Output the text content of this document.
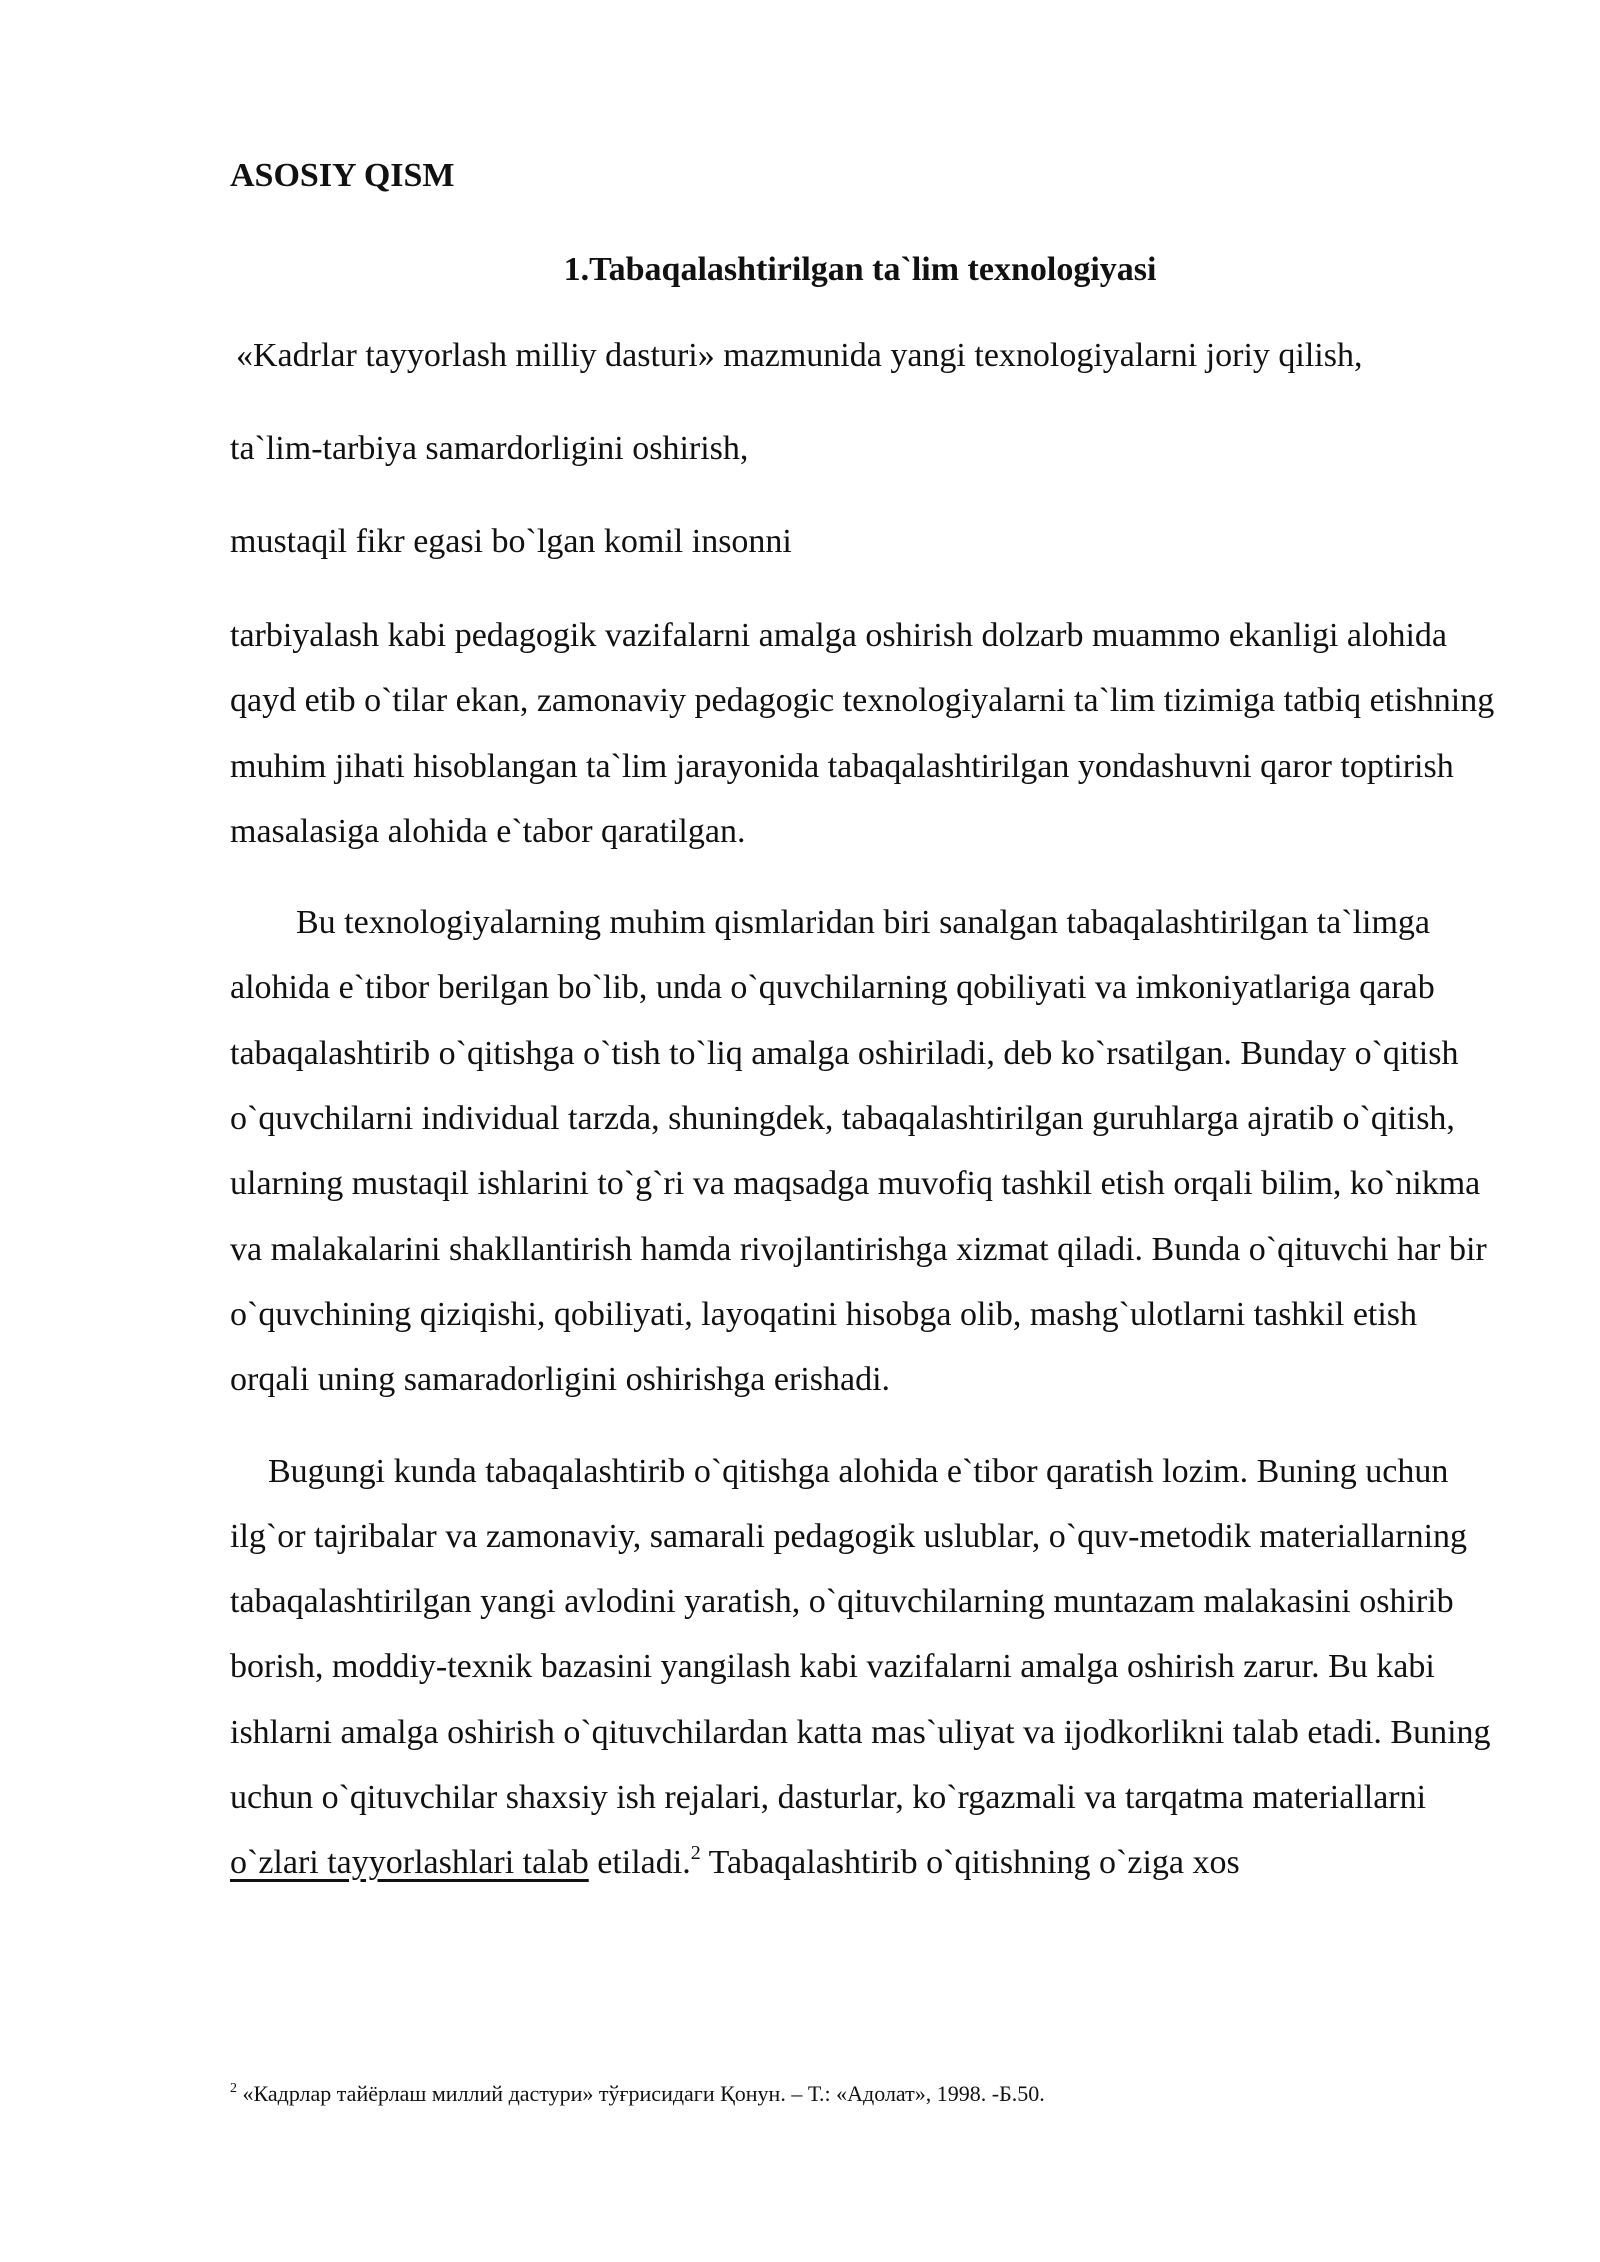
ASOSIY QISM
1.Tabaqalashtirilgan ta`lim texnologiyasi
«Kadrlar tayyorlash milliy dasturi» mazmunida yangi texnologiyalarni joriy qilish,
ta`lim-tarbiya samardorligini oshirish,
mustaqil fikr egasi bo`lgan komil insonni

tarbiyalash kabi pedagogik vazifalarni amalga oshirish dolzarb muammo ekanligi alohida qayd etib o`tilar ekan, zamonaviy pedagogic texnologiyalarni ta`lim tizimiga tatbiq etishning muhim jihati hisoblangan ta`lim jarayonida tabaqalashtirilgan yondashuvni qaror toptirish masalasiga alohida e`tabor qaratilgan.

Bu texnologiyalarning muhim qismlaridan biri sanalgan tabaqalashtirilgan ta`limga alohida e`tibor berilgan bo`lib, unda o`quvchilarning qobiliyati va imkoniyatlariga qarab tabaqalashtirib o`qitishga o`tish to`liq amalga oshiriladi, deb ko`rsatilgan. Bunday o`qitish o`quvchilarni individual tarzda, shuningdek, tabaqalashtirilgan guruhlarga ajratib o`qitish, ularning mustaqil ishlarini to`g`ri va maqsadga muvofiq tashkil etish orqali bilim, ko`nikma va malakalarini shakllantirish hamda rivojlantirishga xizmat qiladi. Bunda o`qituvchi har bir o`quvchining qiziqishi, qobiliyati, layoqatini hisobga olib, mashg`ulotlarni tashkil etish orqali uning samaradorligini oshirishga erishadi.

Bugungi kunda tabaqalashtirib o`qitishga alohida e`tibor qaratish lozim. Buning uchun ilg`or tajribalar va zamonaviy, samarali pedagogik uslublar, o`quv-metodik materiallarning tabaqalashtirilgan yangi avlodini yaratish, o`qituvchilarning muntazam malakasini oshirib borish, moddiy-texnik bazasini yangilash kabi vazifalarni amalga oshirish zarur. Bu kabi ishlarni amalga oshirish o`qituvchilardan katta mas`uliyat va ijodkorlikni talab etadi. Buning uchun o`qituvchilar shaxsiy ish rejalari, dasturlar, ko`rgazmali va tarqatma materiallarni o`zlari tayyorlashlari talab etiladi.$^2$ Tabaqalashtirib o`qitishning o`ziga xos

$^2$ «Кадрлар тайёрлаш миллий дастури» тўғрисидаги Қонун. – Т.: «Адолат», 1998. -Б.50.
